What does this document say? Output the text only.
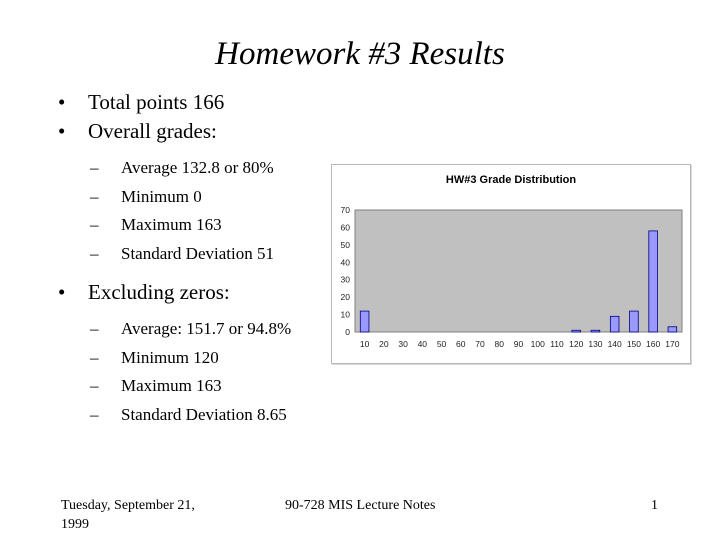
Homework #3 Results
• Total points 166
• Overall grades:
– Average 132.8 or 80%
– Minimum 0
– Maximum 163
– Standard Deviation 51
• Excluding zeros:
– Average: 151.7 or 94.8%
– Minimum 120
– Maximum 163
– Standard Deviation 8.65
HW#3 Grade Distribution
0
10
20
30
40
50
60
70
10 20 30 40 50 60 70 80 90 100 110 120 130 140 150 160 170
Tuesday, September 21, 1999
90-728 MIS Lecture Notes	1
